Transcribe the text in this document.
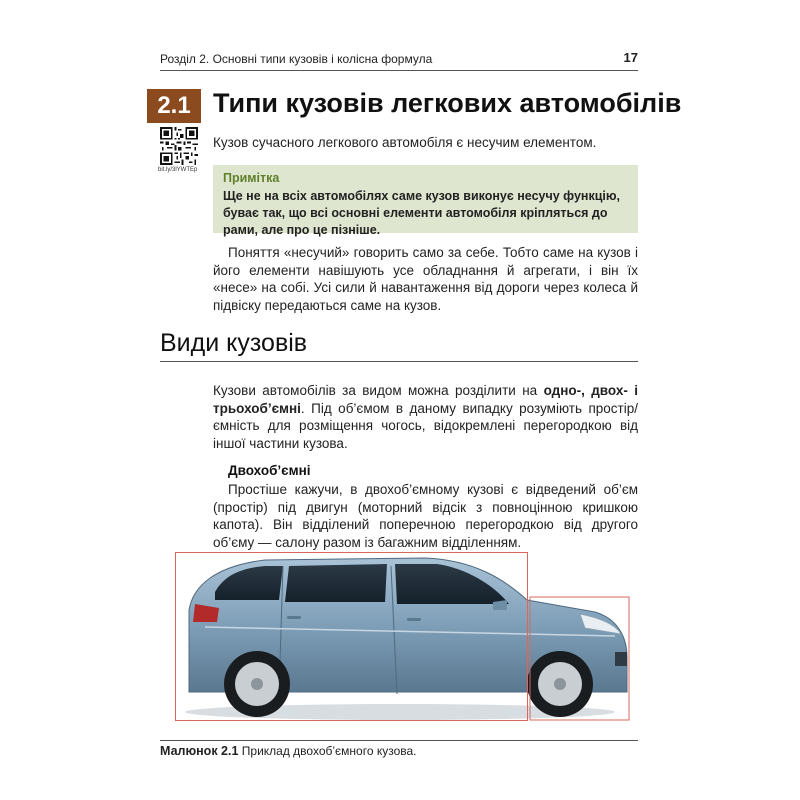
Розділ 2. Основні типи кузовів і колісна формула	17
2.1 Типи кузовів легкових автомобілів
bit.ly/3lYWTEp
Кузов сучасного легкового автомобіля є несучим елементом.
Примітка
Ще не на всіх автомобілях саме кузов виконує несучу функцію, буває так, що всі основні елементи автомобіля кріпляться до рами, але про це пізніше.
Поняття «несучий» говорить само за себе. Тобто саме на кузов і його елементи навішують усе обладнання й агрегати, і він їх «несе» на собі. Усі сили й навантаження від дороги через колеса й підвіску передаються саме на кузов.
Види кузовів
Кузови автомобілів за видом можна розділити на одно-, двох- і трьохоб’ємні. Під об’ємом в даному випадку розуміють простір/ємність для розміщення чогось, відокремлені перегородкою від іншої частини кузова.
Двохоб’ємні
Простіше кажучи, в двохоб’ємному кузові є відведений об’єм (простір) під двигун (моторний відсік з повноцінною кришкою капота). Він відділений поперечною перегородкою від другого об’єму — салону разом із багажним відділенням.
Малюнок 2.1 Приклад двохоб’ємного кузова.
